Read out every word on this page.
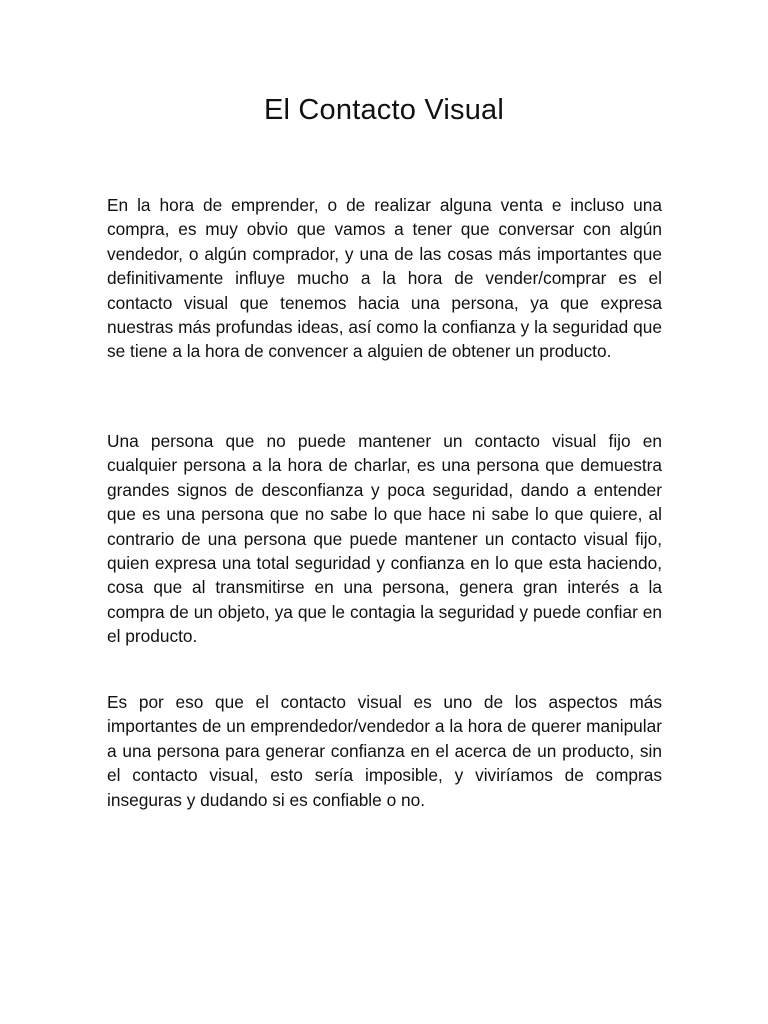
El Contacto Visual

En la hora de emprender, o de realizar alguna venta e incluso una compra, es muy obvio que vamos a tener que conversar con algún vendedor, o algún comprador, y una de las cosas más importantes que definitivamente influye mucho a la hora de vender/comprar es el contacto visual que tenemos hacia una persona, ya que expresa nuestras más profundas ideas, así como la confianza y la seguridad que se tiene a la hora de convencer a alguien de obtener un producto.

Una persona que no puede mantener un contacto visual fijo en cualquier persona a la hora de charlar, es una persona que demuestra grandes signos de desconfianza y poca seguridad, dando a entender que es una persona que no sabe lo que hace ni sabe lo que quiere, al contrario de una persona que puede mantener un contacto visual fijo, quien expresa una total seguridad y confianza en lo que esta haciendo, cosa que al transmitirse en una persona, genera gran interés a la compra de un objeto, ya que le contagia la seguridad y puede confiar en el producto.

Es por eso que el contacto visual es uno de los aspectos más importantes de un emprendedor/vendedor a la hora de querer manipular a una persona para generar confianza en el acerca de un producto, sin el contacto visual, esto sería imposible, y viviríamos de compras inseguras y dudando si es confiable o no.
